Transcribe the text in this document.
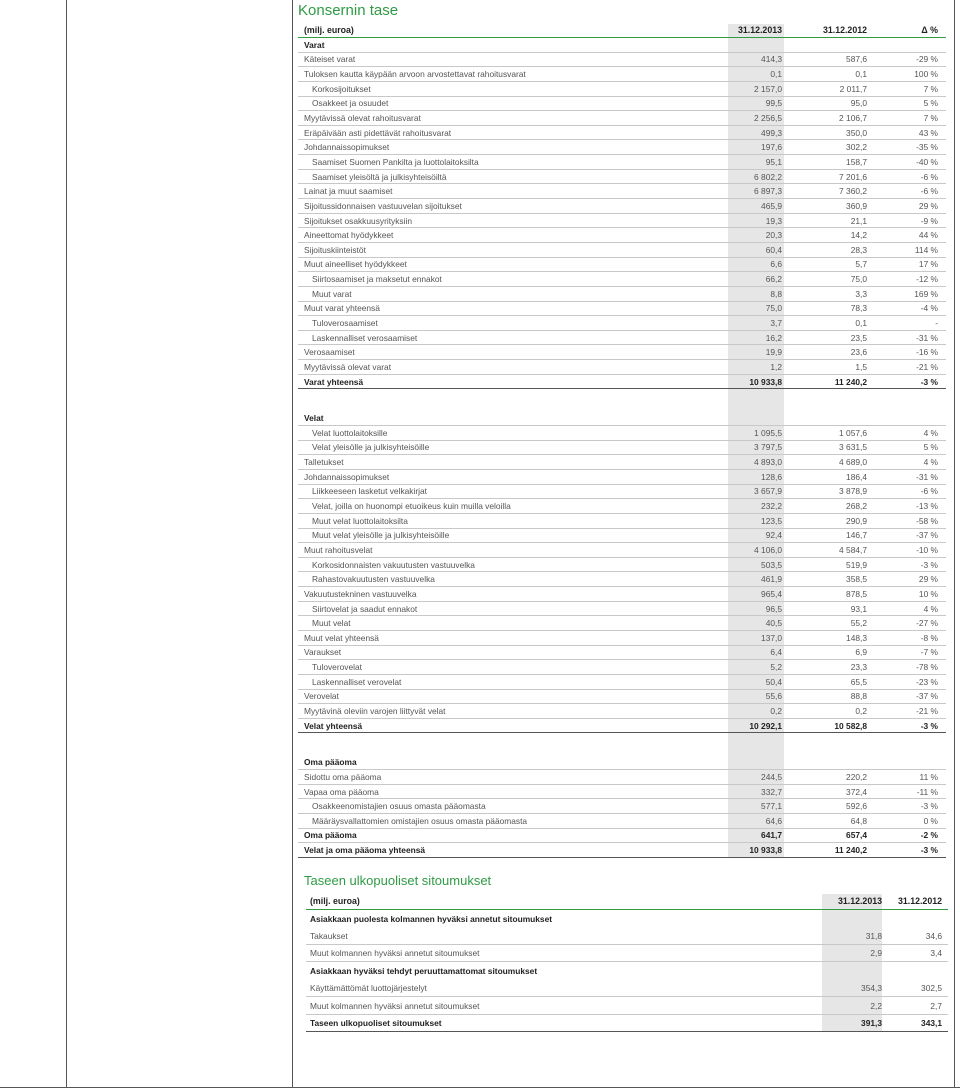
Konsernin tase
(milj. euroa)	31.12.2013	31.12.2012	Δ %
Varat
Käteiset varat	414,3	587,6	-29 %
Tuloksen kautta käypään arvoon arvostettavat rahoitusvarat	0,1	0,1	100 %
Korkosijoitukset	2 157,0	2 011,7	7 %
Osakkeet ja osuudet	99,5	95,0	5 %
Myytävissä olevat rahoitusvarat	2 256,5	2 106,7	7 %
Eräpäivään asti pidettävät rahoitusvarat	499,3	350,0	43 %
Johdannaissopimukset	197,6	302,2	-35 %
Saamiset Suomen Pankilta ja luottolaitoksilta	95,1	158,7	-40 %
Saamiset yleisöltä ja julkisyhteisöiltä	6 802,2	7 201,6	-6 %
Lainat ja muut saamiset	6 897,3	7 360,2	-6 %
Sijoitussidonnaisen vastuuvelan sijoitukset	465,9	360,9	29 %
Sijoitukset osakkuusyrityksiin	19,3	21,1	-9 %
Aineettomat hyödykkeet	20,3	14,2	44 %
Sijoituskiinteistöt	60,4	28,3	114 %
Muut aineelliset hyödykkeet	6,6	5,7	17 %
Siirtosaamiset ja maksetut ennakot	66,2	75,0	-12 %
Muut varat	8,8	3,3	169 %
Muut varat yhteensä	75,0	78,3	-4 %
Tuloverosaamiset	3,7	0,1	-
Laskennalliset verosaamiset	16,2	23,5	-31 %
Verosaamiset	19,9	23,6	-16 %
Myytävissä olevat varat	1,2	1,5	-21 %
Varat yhteensä	10 933,8	11 240,2	-3 %
Velat
Velat luottolaitoksille	1 095,5	1 057,6	4 %
Velat yleisölle ja julkisyhteisöille	3 797,5	3 631,5	5 %
Talletukset	4 893,0	4 689,0	4 %
Johdannaissopimukset	128,6	186,4	-31 %
Liikkeeseen lasketut velkakirjat	3 657,9	3 878,9	-6 %
Velat, joilla on huonompi etuoikeus kuin muilla veloilla	232,2	268,2	-13 %
Muut velat luottolaitoksilta	123,5	290,9	-58 %
Muut velat yleisölle ja julkisyhteisöille	92,4	146,7	-37 %
Muut rahoitusvelat	4 106,0	4 584,7	-10 %
Korkosidonnaisten vakuutusten vastuuvelka	503,5	519,9	-3 %
Rahastovakuutusten vastuuvelka	461,9	358,5	29 %
Vakuutustekninen vastuuvelka	965,4	878,5	10 %
Siirtovelat ja saadut ennakot	96,5	93,1	4 %
Muut velat	40,5	55,2	-27 %
Muut velat yhteensä	137,0	148,3	-8 %
Varaukset	6,4	6,9	-7 %
Tuloverovelat	5,2	23,3	-78 %
Laskennalliset verovelat	50,4	65,5	-23 %
Verovelat	55,6	88,8	-37 %
Myytävinä oleviin varojen liittyvät velat	0,2	0,2	-21 %
Velat yhteensä	10 292,1	10 582,8	-3 %
Oma pääoma
Sidottu oma pääoma	244,5	220,2	11 %
Vapaa oma pääoma	332,7	372,4	-11 %
Osakkeenomistajien osuus omasta pääomasta	577,1	592,6	-3 %
Määräysvallattomien omistajien osuus omasta pääomasta	64,6	64,8	0 %
Oma pääoma	641,7	657,4	-2 %
Velat ja oma pääoma yhteensä	10 933,8	11 240,2	-3 %
Taseen ulkopuoliset sitoumukset
(milj. euroa)	31.12.2013 31.12.2012
Asiakkaan puolesta kolmannen hyväksi annetut sitoumukset
Takaukset	31,8	34,6
Muut kolmannen hyväksi annetut sitoumukset	2,9	3,4
Asiakkaan hyväksi tehdyt peruuttamattomat sitoumukset
Käyttämättömät luottojärjestelyt	354,3	302,5
Muut kolmannen hyväksi annetut sitoumukset	2,2	2,7
Taseen ulkopuoliset sitoumukset	391,3	343,1
